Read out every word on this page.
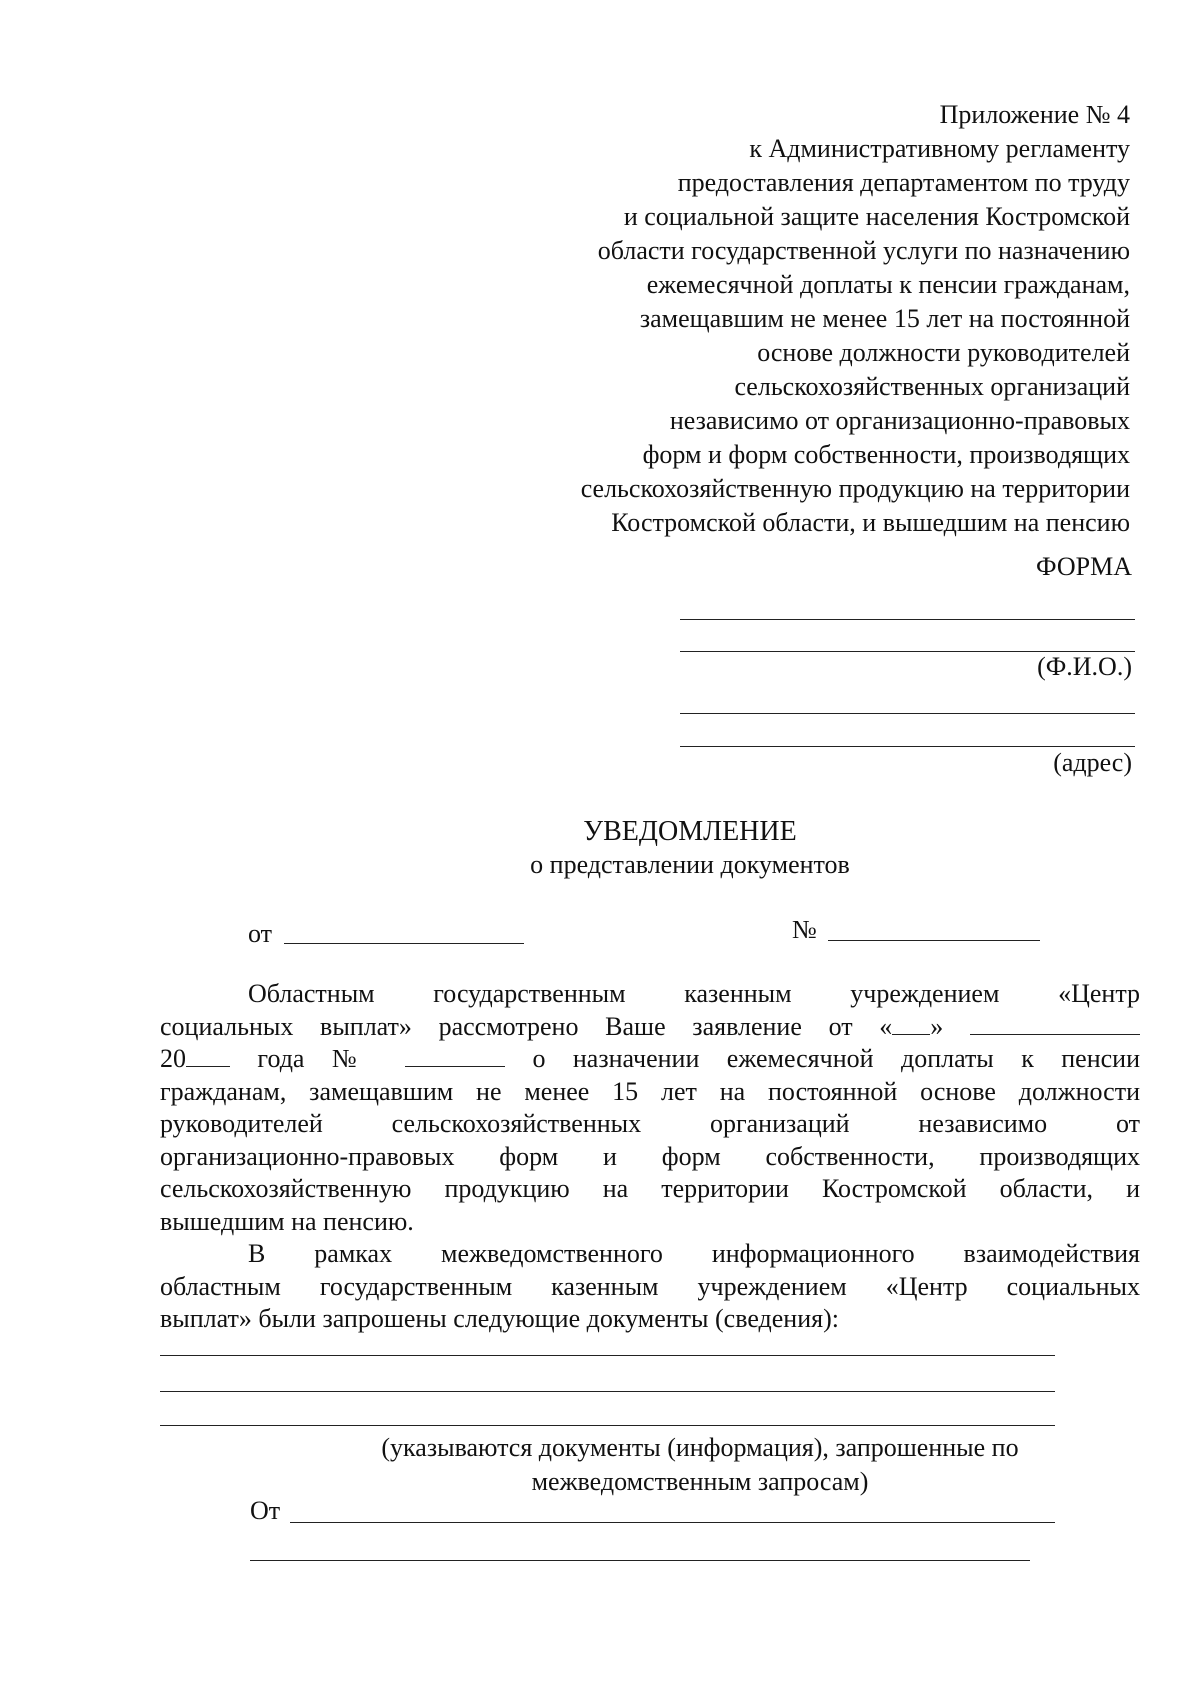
Приложение № 4
к Административному регламенту
предоставления департаментом по труду
и социальной защите населения Костромской
области государственной услуги по назначению
ежемесячной доплаты к пенсии гражданам,
замещавшим не менее 15 лет на постоянной
основе должности руководителей
сельскохозяйственных организаций
независимо от организационно-правовых
форм и форм собственности, производящих
сельскохозяйственную продукцию на территории
Костромской области, и вышедшим на пенсию
ФОРМА
(Ф.И.О.)
(адрес)
УВЕДОМЛЕНИЕ
о представлении документов
от	№
Областным государственным казенным учреждением «Центр
социальных выплат» рассмотрено Ваше заявление от « »
20	года №	о назначении ежемесячной доплаты к пенсии
гражданам, замещавшим не менее 15 лет на постоянной основе должности
руководителей сельскохозяйственных организаций независимо от
организационно-правовых форм и форм собственности, производящих
сельскохозяйственную продукцию на территории Костромской области, и
вышедшим на пенсию.
В рамках межведомственного информационного взаимодействия
областным государственным казенным учреждением «Центр социальных
выплат» были запрошены следующие документы (сведения):
(указываются документы (информация), запрошенные по
межведомственным запросам)
От
